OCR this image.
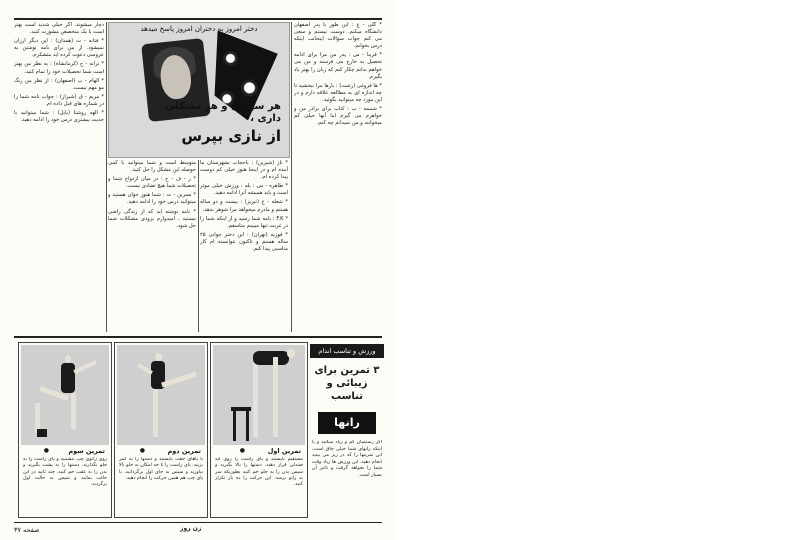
دچار میشوند. اگر خیلی شدید است بهتر است با یک متخصص مشورت کنید.

* فتانه - ت (همدان) : این دیگر ارزان نمیشود. از من برای نامه نوشتن به عروسی دعوت کرده اید متشکرم.

* ترانه - ح (کرمانشاه) : به نظر من بهتر است شما تحصیلات خود را تمام کنید.

* الهام - ب (اصفهان) : از نظر من رنگ مو مهم نیست.

* مریم - ق (شیراز) : جواب نامه شما را در شماره های قبل داده ام.

* الهه روشنا (بابل) : شما میتوانید با جدیت بیشتری درس خود را ادامه دهید.

دختر امروز به دختران امروز پاسخ میدهد
هر سؤالی و هر مشکلی داری ،
از نازی بپرس

متوسط است و شما میتوانید با کمی حوصله این مشکل را حل کنید.

* ر - ف - ح : در میان ازدواج شما و تحصیلات شما هیچ تضادی نیست.

* نسرین - ت : شما هنوز جوان هستید و میتوانید درس خود را ادامه دهید.

* نامه نوشته اید که از زندگی راضی نیستید ، امیدوارم بزودی مشکلات شما حل شود.

* ناز (شیرین) : باحجاب بشهرستان ما آمده ام و در اینجا هنوز خیلی کم دوست پیدا کرده ام.

* طاهره - س : بله ، ورزش خیلی موثر است و باید همیشه آنرا ادامه دهید.

* شعله - ع (تبریز) : بیست و دو ساله هستم و مادرم میخواهد مرا شوهر بدهد.

* F.K : نامه شما رسید و از اینکه شما را در غربت تنها میبینم متاسفم.

* فوزیه (تهران) : این دختر جوانی ۲۵ ساله هستم و تاکنون نتوانسته ام کار مناسبی پیدا کنم.

* گلی - ع : این طور با پدر اصفهان دانشگاه میکنم. دوست نیستم و سعی می کنم جواب سؤالات اینجانب اینکه درس بخوانم.

* فریبا - س : پدر من مرا برای ادامه تحصیل به خارج می فرستد و من می خواهم بدانم چکار کنم که زبان را بهتر یاد بگیرم.

* ها فروغی (رشت) : بارها مرا ببخشید تا چه اندازه ای به مطالعه علاقه دارم و در این مورد چه میتوانید بگوئید.

* شبنمه - ب : کتاب برای برادر من و خواهرم می گیرم اما آنها خیلی کم میخوانند و من نمیدانم چه کنم.

●	تمرین سوم
روی زانوی چپ بنشینید و پای راست را به جلو بگذارید. دستها را به پشت بگیرید و بدن را به عقب خم کنید. چند ثانیه در این حالت بمانید و سپس به حالت اول برگردید.
●	تمرین دوم
با پاهای جفت بایستید و دستها را به کمر بزنید. پای راست را تا حد امکان به جلو بالا بیاورید و سپس به جای اول برگردانید. با پای چپ هم همین حرکت را انجام دهید.
●	تمرین اول
مستقیم بایستید و پای راست را روی لبه صندلی قرار دهید. دستها را بالا بگیرید و سپس بدن را به جلو خم کنید بطوریکه سر به زانو برسد. این حرکت را ده بار تکرار کنید.
ورزش و تناسب اندام
۳ تمرین برای زیبائی و تناسب
رانها
اگر رستمیان کم و زیاد میکنید و یا اینکه رانهای شما خیلی چاق است، این تمرینها را که در زیر می بینید انجام دهید. این ورزش ها زیاد وقت شما را نخواهد گرفت و تاثیر آن بسیار است.
صفحه ۳۷	زن روز
